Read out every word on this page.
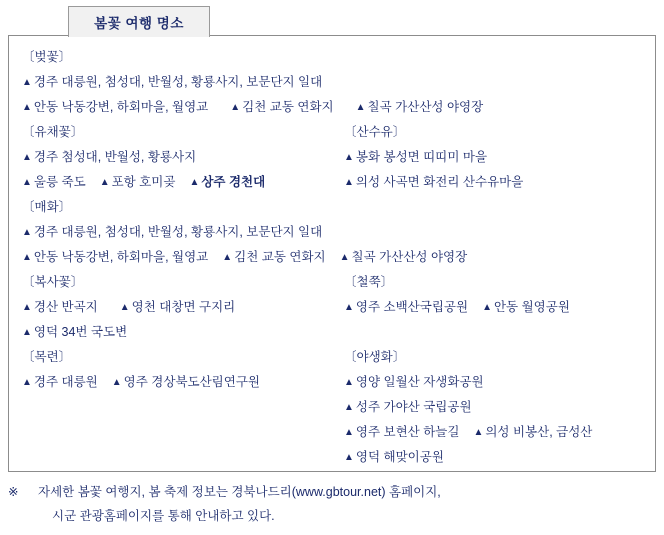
봄꽃 여행 명소
〔벚꽃〕
▲ 경주 대릉원, 첨성대, 반월성, 황룡사지, 보문단지 일대
▲ 안동 낙동강변, 하회마을, 월영교 ▲ 김천 교동 연화지 ▲ 칠곡 가산산성 야영장
〔유채꽃〕
▲ 경주 첨성대, 반월성, 황룡사지
▲ 울릉 죽도 ▲ 포항 호미곶 ▲ 상주 경천대
〔산수유〕
▲ 봉화 봉성면 띠띠미 마을
▲ 의성 사곡면 화전리 산수유마을
〔매화〕
▲ 경주 대릉원, 첨성대, 반월성, 황룡사지, 보문단지 일대
▲ 안동 낙동강변, 하회마을, 월영교 ▲ 김천 교동 연화지 ▲ 칠곡 가산산성 야영장
〔복사꽃〕
▲ 경산 반곡지 ▲ 영천 대창면 구지리
▲ 영덕 34번 국도변
〔철쭉〕
▲ 영주 소백산국립공원 ▲ 안동 월영공원
〔목련〕
▲ 경주 대릉원 ▲ 영주 경상북도산림연구원
〔야생화〕
▲ 영양 일월산 자생화공원
▲ 성주 가야산 국립공원
▲ 영주 보현산 하늘길 ▲ 의성 비봉산, 금성산
▲ 영덕 해맞이공원
※ 자세한 봄꽃 여행지, 봄 축제 정보는 경북나드리(www.gbtour.net) 홈페이지,
시군 관광홈페이지를 통해 안내하고 있다.
